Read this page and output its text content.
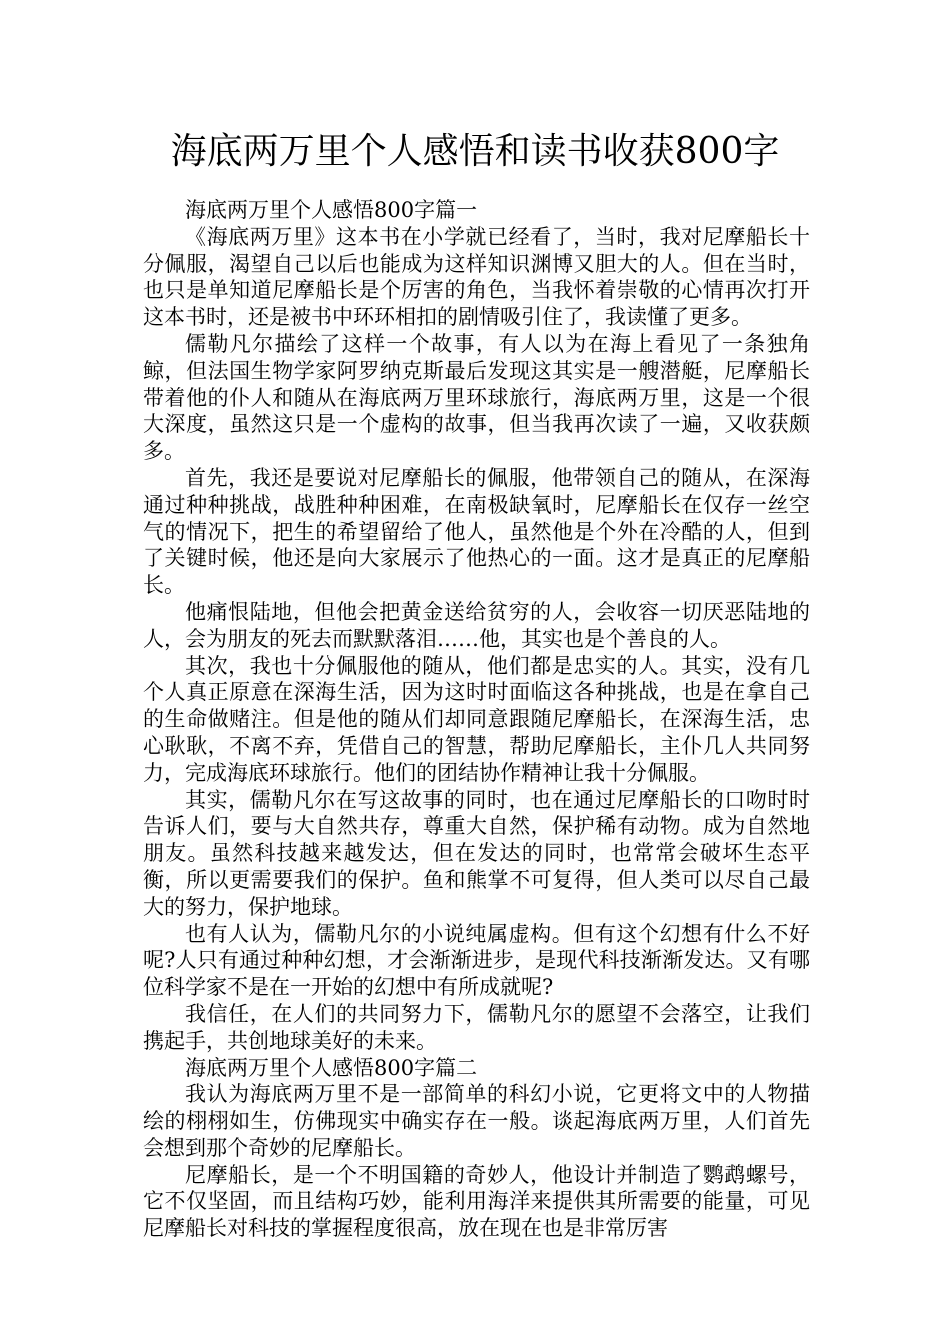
海底两万里个人感悟和读书收获800字

海底两万里个人感悟800字篇一

《海底两万里》这本书在小学就已经看了，当时，我对尼摩船长十分佩服，渴望自己以后也能成为这样知识渊博又胆大的人。但在当时，也只是单知道尼摩船长是个厉害的角色，当我怀着崇敬的心情再次打开这本书时，还是被书中环环相扣的剧情吸引住了，我读懂了更多。

儒勒凡尔描绘了这样一个故事，有人以为在海上看见了一条独角鲸，但法国生物学家阿罗纳克斯最后发现这其实是一艘潜艇，尼摩船长带着他的仆人和随从在海底两万里环球旅行，海底两万里，这是一个很大深度，虽然这只是一个虚构的故事，但当我再次读了一遍，又收获颇多。

首先，我还是要说对尼摩船长的佩服，他带领自己的随从，在深海通过种种挑战，战胜种种困难，在南极缺氧时，尼摩船长在仅存一丝空气的情况下，把生的希望留给了他人，虽然他是个外在冷酷的人，但到了关键时候，他还是向大家展示了他热心的一面。这才是真正的尼摩船长。

他痛恨陆地，但他会把黄金送给贫穷的人，会收容一切厌恶陆地的人，会为朋友的死去而默默落泪……他，其实也是个善良的人。

其次，我也十分佩服他的随从，他们都是忠实的人。其实，没有几个人真正原意在深海生活，因为这时时面临这各种挑战，也是在拿自己的生命做赌注。但是他的随从们却同意跟随尼摩船长，在深海生活，忠心耿耿，不离不弃，凭借自己的智慧，帮助尼摩船长，主仆几人共同努力，完成海底环球旅行。他们的团结协作精神让我十分佩服。

其实，儒勒凡尔在写这故事的同时，也在通过尼摩船长的口吻时时告诉人们，要与大自然共存，尊重大自然，保护稀有动物。成为自然地朋友。虽然科技越来越发达，但在发达的同时，也常常会破坏生态平衡，所以更需要我们的保护。鱼和熊掌不可复得，但人类可以尽自己最大的努力，保护地球。

也有人认为，儒勒凡尔的小说纯属虚构。但有这个幻想有什么不好呢?人只有通过种种幻想，才会渐渐进步，是现代科技渐渐发达。又有哪位科学家不是在一开始的幻想中有所成就呢?

我信任，在人们的共同努力下，儒勒凡尔的愿望不会落空，让我们携起手，共创地球美好的未来。

海底两万里个人感悟800字篇二

我认为海底两万里不是一部简单的科幻小说，它更将文中的人物描绘的栩栩如生，仿佛现实中确实存在一般。谈起海底两万里，人们首先会想到那个奇妙的尼摩船长。

尼摩船长，是一个不明国籍的奇妙人，他设计并制造了鹦鹉螺号，它不仅坚固，而且结构巧妙，能利用海洋来提供其所需要的能量，可见尼摩船长对科技的掌握程度很高，放在现在也是非常厉害
